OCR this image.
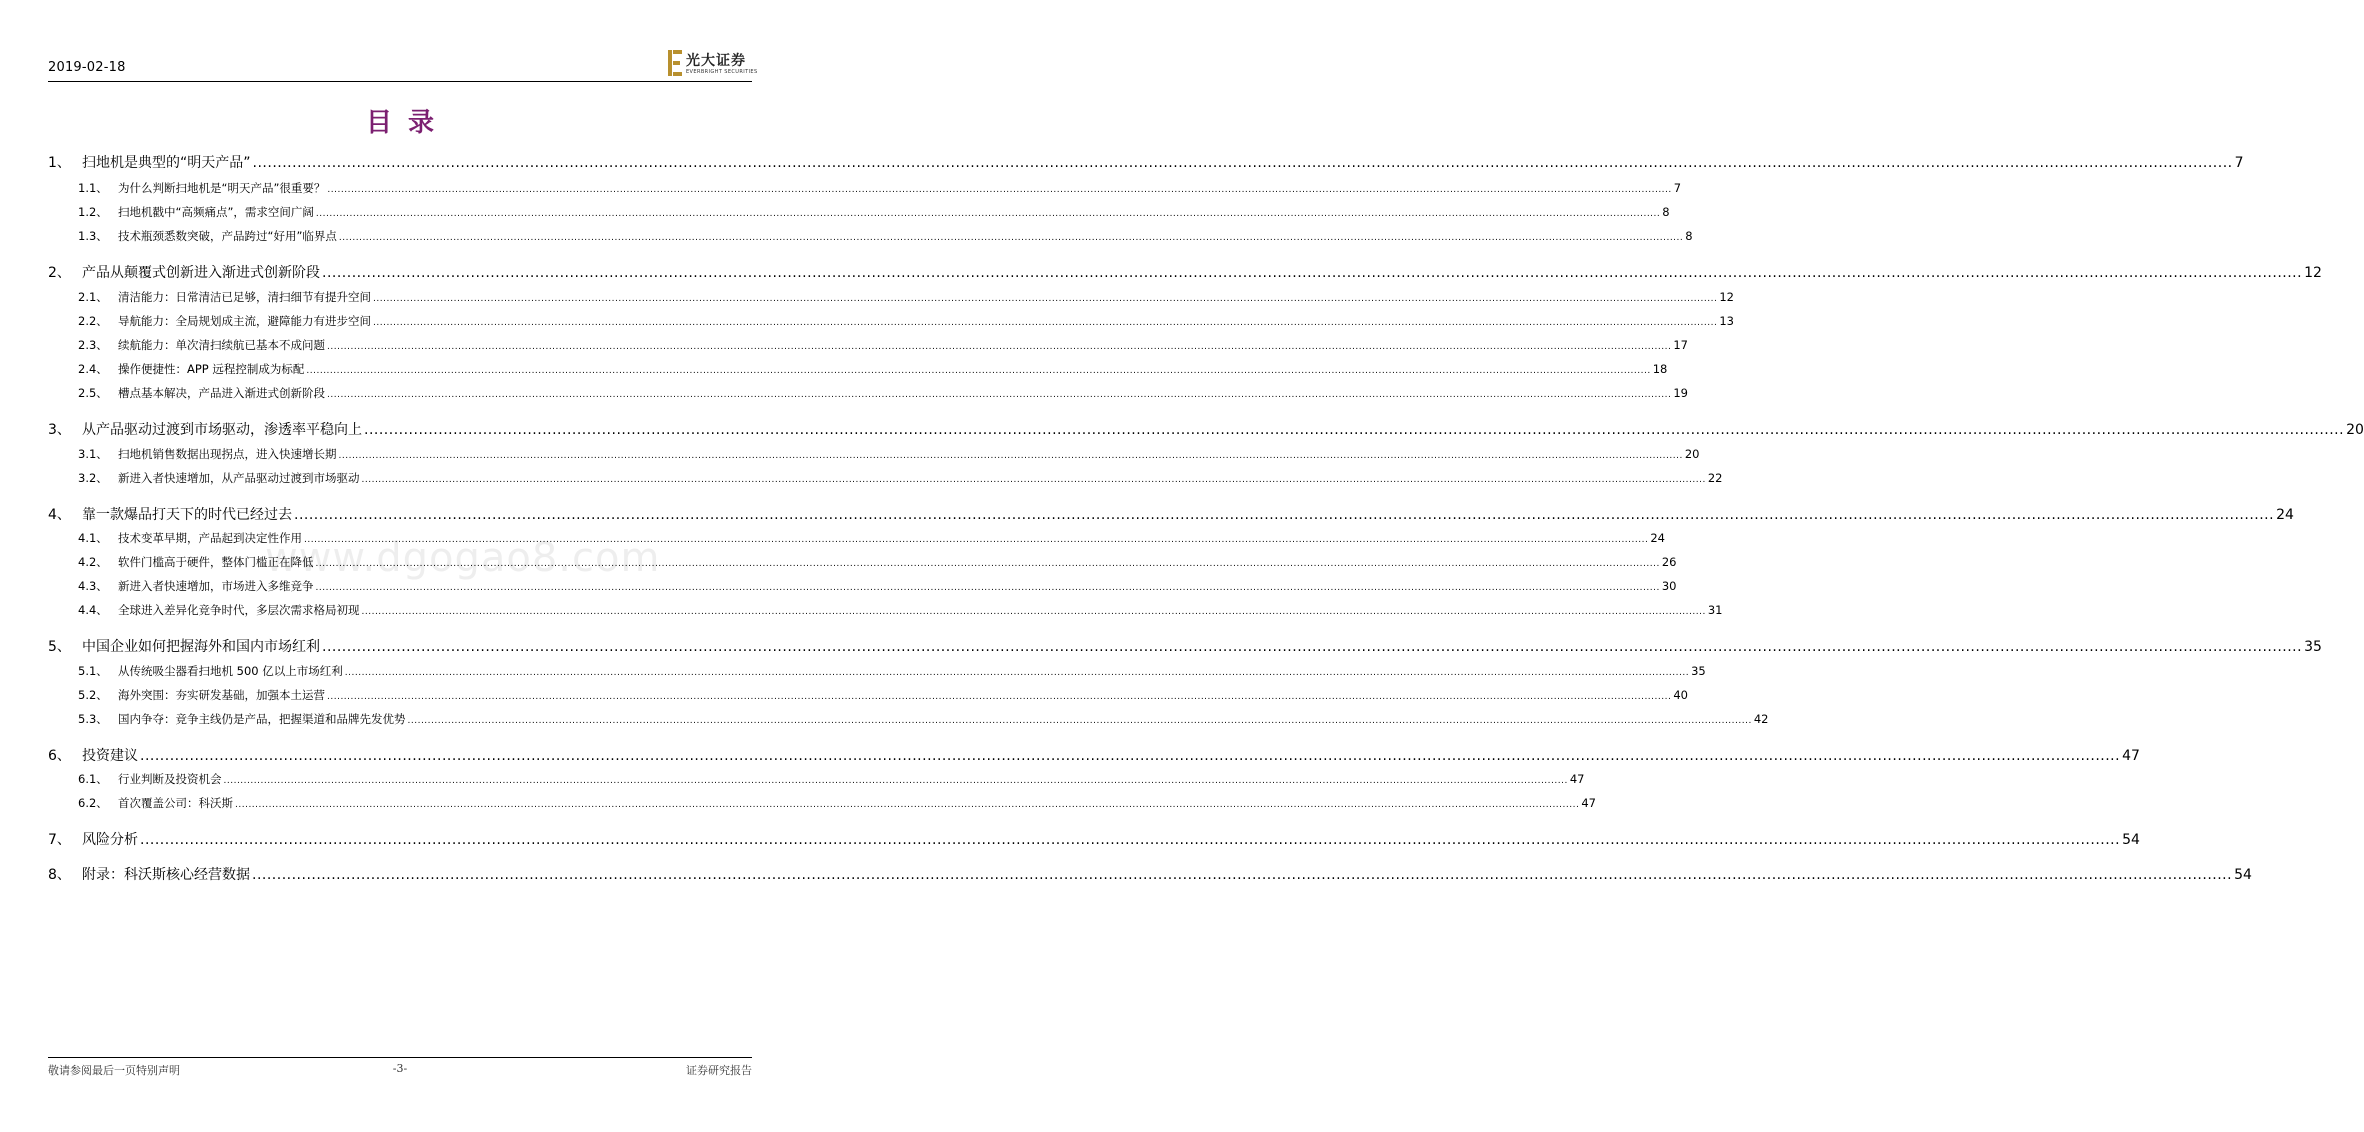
2019-02-18	光大证券
EVERBRIGHT SECURITIES
目录
www.dgogao8.com
1、 扫地机是典型的“明天产品” ................................................................................................................................................................................................................................................................................................................................................................................................................ 7
1.1、 为什么判断扫地机是“明天产品”很重要？ ................................................................................................................................................................................................................................................................................................................................................................................................................ 7
1.2、 扫地机戳中“高频痛点”，需求空间广阔 ................................................................................................................................................................................................................................................................................................................................................................................................................ 8
1.3、 技术瓶颈悉数突破，产品跨过“好用”临界点 ................................................................................................................................................................................................................................................................................................................................................................................................................ 8
2、 产品从颠覆式创新进入渐进式创新阶段 ................................................................................................................................................................................................................................................................................................................................................................................................................ 12
2.1、 清洁能力：日常清洁已足够，清扫细节有提升空间 ................................................................................................................................................................................................................................................................................................................................................................................................................ 12
2.2、 导航能力：全局规划成主流，避障能力有进步空间 ................................................................................................................................................................................................................................................................................................................................................................................................................ 13
2.3、 续航能力：单次清扫续航已基本不成问题 ................................................................................................................................................................................................................................................................................................................................................................................................................ 17
2.4、 操作便捷性：APP 远程控制成为标配 ................................................................................................................................................................................................................................................................................................................................................................................................................ 18
2.5、 槽点基本解决，产品进入渐进式创新阶段 ................................................................................................................................................................................................................................................................................................................................................................................................................ 19
3、 从产品驱动过渡到市场驱动，渗透率平稳向上 ................................................................................................................................................................................................................................................................................................................................................................................................................ 20
3.1、 扫地机销售数据出现拐点，进入快速增长期 ................................................................................................................................................................................................................................................................................................................................................................................................................ 20
3.2、 新进入者快速增加，从产品驱动过渡到市场驱动 ................................................................................................................................................................................................................................................................................................................................................................................................................ 22
4、 靠一款爆品打天下的时代已经过去 ................................................................................................................................................................................................................................................................................................................................................................................................................ 24
4.1、 技术变革早期，产品起到决定性作用 ................................................................................................................................................................................................................................................................................................................................................................................................................ 24
4.2、 软件门槛高于硬件，整体门槛正在降低 ................................................................................................................................................................................................................................................................................................................................................................................................................ 26
4.3、 新进入者快速增加，市场进入多维竞争 ................................................................................................................................................................................................................................................................................................................................................................................................................ 30
4.4、 全球进入差异化竞争时代，多层次需求格局初现 ................................................................................................................................................................................................................................................................................................................................................................................................................ 31
5、 中国企业如何把握海外和国内市场红利 ................................................................................................................................................................................................................................................................................................................................................................................................................ 35
5.1、 从传统吸尘器看扫地机 500 亿以上市场红利 ................................................................................................................................................................................................................................................................................................................................................................................................................ 35
5.2、 海外突围：夯实研发基础，加强本土运营 ................................................................................................................................................................................................................................................................................................................................................................................................................ 40
5.3、 国内争夺：竞争主线仍是产品，把握渠道和品牌先发优势 ................................................................................................................................................................................................................................................................................................................................................................................................................ 42
6、 投资建议 ................................................................................................................................................................................................................................................................................................................................................................................................................ 47
6.1、 行业判断及投资机会 ................................................................................................................................................................................................................................................................................................................................................................................................................ 47
6.2、 首次覆盖公司：科沃斯 ................................................................................................................................................................................................................................................................................................................................................................................................................ 47
7、 风险分析 ................................................................................................................................................................................................................................................................................................................................................................................................................ 54
8、 附录：科沃斯核心经营数据 ................................................................................................................................................................................................................................................................................................................................................................................................................ 54
敬请参阅最后一页特别声明	-3-	证券研究报告
